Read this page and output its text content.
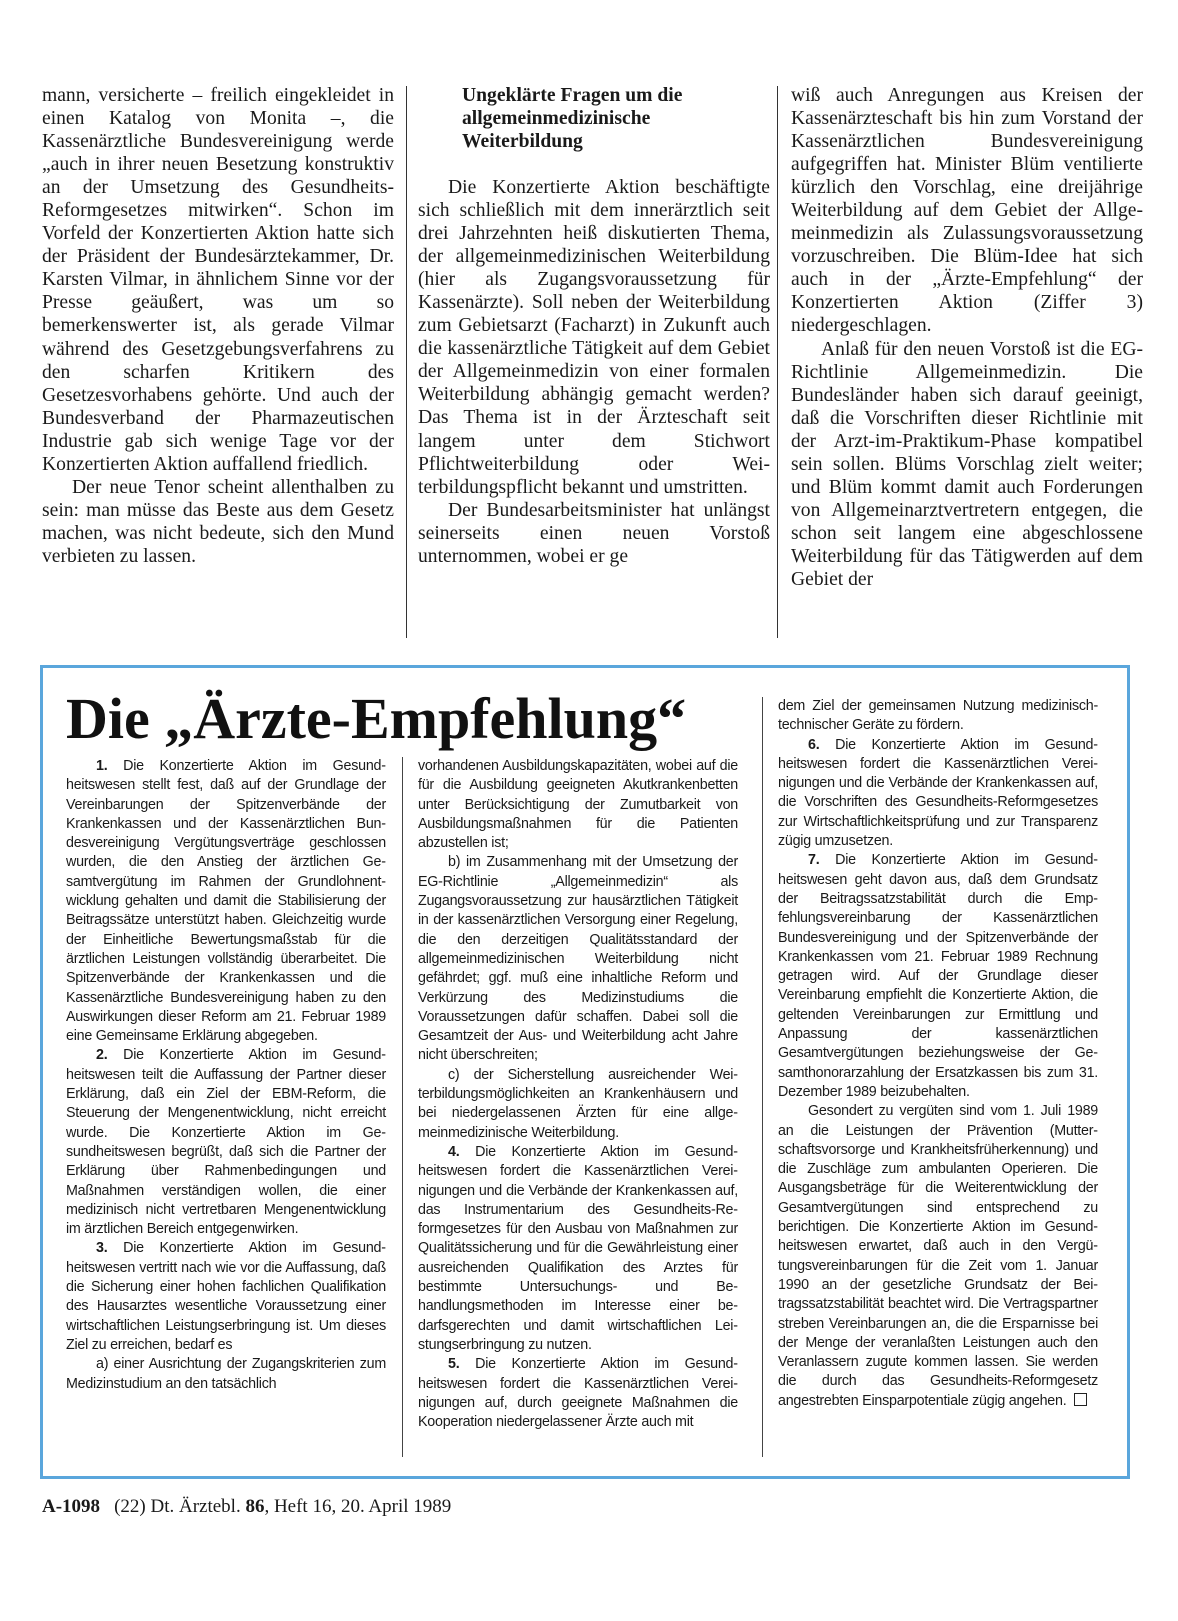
mann, versicherte – freilich eingekleidet in einen Katalog von Monita –, die Kassenärztliche Bundesvereinigung werde „auch in ihrer neuen Besetzung konstruktiv an der Umsetzung des Gesundheits-Reformgesetzes mitwirken“. Schon im Vorfeld der Konzertierten Aktion hatte sich der Präsident der Bundesärztekammer, Dr. Karsten Vilmar, in ähnlichem Sinne vor der Presse geäußert, was um so bemerkenswerter ist, als gerade Vilmar während des Gesetzgebungsverfahrens zu den scharfen Kritikern des Gesetzesvorhabens gehörte. Und auch der Bundesverband der Pharmazeutischen Industrie gab sich wenige Tage vor der Konzertierten Aktion auffallend friedlich.

Der neue Tenor scheint allenthalben zu sein: man müsse das Beste aus dem Gesetz machen, was nicht bedeute, sich den Mund verbieten zu lassen.

Ungeklärte Fragen um die allgemeinmedizinische Weiterbildung

Die Konzertierte Aktion beschäftigte sich schließlich mit dem innerärztlich seit drei Jahrzehnten heiß diskutierten Thema, der allgemeinmedizinischen Weiterbildung (hier als Zugangsvoraussetzung für Kassenärzte). Soll neben der Weiterbildung zum Gebietsarzt (Facharzt) in Zukunft auch die kassenärztliche Tätigkeit auf dem Gebiet der Allgemeinmedizin von einer formalen Weiterbildung abhängig gemacht werden? Das Thema ist in der Ärzteschaft seit langem unter dem Stichwort Pflichtweiterbildung oder Weiterbildungspflicht bekannt und umstritten.

Der Bundesarbeitsminister hat unlängst seinerseits einen neuen Vorstoß unternommen, wobei er ge

wiß auch Anregungen aus Kreisen der Kassenärzteschaft bis hin zum Vorstand der Kassenärztlichen Bundesvereinigung aufgegriffen hat. Minister Blüm ventilierte kürzlich den Vorschlag, eine dreijährige Weiterbildung auf dem Gebiet der Allgemeinmedizin als Zulassungsvoraussetzung vorzuschreiben. Die Blüm-Idee hat sich auch in der „Ärzte-Empfehlung“ der Konzertierten Aktion (Ziffer 3) niedergeschlagen.

Anlaß für den neuen Vorstoß ist die EG-Richtlinie Allgemeinmedizin. Die Bundesländer haben sich darauf geeinigt, daß die Vorschriften dieser Richtlinie mit der Arzt-im-Praktikum-Phase kompatibel sein sollen. Blüms Vorschlag zielt weiter; und Blüm kommt damit auch Forderungen von Allgemeinarztvertretern entgegen, die schon seit langem eine abgeschlossene Weiterbildung für das Tätigwerden auf dem Gebiet der

Die „Ärzte-Empfehlung“

1. Die Konzertierte Aktion im Gesundheitswesen stellt fest, daß auf der Grundlage der Vereinbarungen der Spitzenverbände der Krankenkassen und der Kassenärztlichen Bundesvereinigung Vergütungsverträge geschlossen wurden, die den Anstieg der ärztlichen Gesamtvergütung im Rahmen der Grundlohnentwicklung gehalten und damit die Stabilisierung der Beitragssätze unterstützt haben. Gleichzeitig wurde der Einheitliche Bewertungsmaßstab für die ärztlichen Leistungen vollständig überarbeitet. Die Spitzenverbände der Krankenkassen und die Kassenärztliche Bundesvereinigung haben zu den Auswirkungen dieser Reform am 21. Februar 1989 eine Gemeinsame Erklärung abgegeben.

2. Die Konzertierte Aktion im Gesundheitswesen teilt die Auffassung der Partner dieser Erklärung, daß ein Ziel der EBM-Reform, die Steuerung der Mengenentwicklung, nicht erreicht wurde. Die Konzertierte Aktion im Gesundheitswesen begrüßt, daß sich die Partner der Erklärung über Rahmenbedingungen und Maßnahmen verständigen wollen, die einer medizinisch nicht vertretbaren Mengenentwicklung im ärztlichen Bereich entgegenwirken.

3. Die Konzertierte Aktion im Gesundheitswesen vertritt nach wie vor die Auffassung, daß die Sicherung einer hohen fachlichen Qualifikation des Hausarztes wesentliche Voraussetzung einer wirtschaftlichen Leistungserbringung ist. Um dieses Ziel zu erreichen, bedarf es

a) einer Ausrichtung der Zugangskriterien zum Medizinstudium an den tatsächlich

vorhandenen Ausbildungskapazitäten, wobei auf die für die Ausbildung geeigneten Akutkrankenbetten unter Berücksichtigung der Zumutbarkeit von Ausbildungsmaßnahmen für die Patienten abzustellen ist;

b) im Zusammenhang mit der Umsetzung der EG-Richtlinie „Allgemeinmedizin“ als Zugangsvoraussetzung zur hausärztlichen Tätigkeit in der kassenärztlichen Versorgung einer Regelung, die den derzeitigen Qualitätsstandard der allgemeinmedizinischen Weiterbildung nicht gefährdet; ggf. muß eine inhaltliche Reform und Verkürzung des Medizinstudiums die Voraussetzungen dafür schaffen. Dabei soll die Gesamtzeit der Aus- und Weiterbildung acht Jahre nicht überschreiten;

c) der Sicherstellung ausreichender Weiterbildungsmöglichkeiten an Krankenhäusern und bei niedergelassenen Ärzten für eine allgemeinmedizinische Weiterbildung.

4. Die Konzertierte Aktion im Gesundheitswesen fordert die Kassenärztlichen Vereinigungen und die Verbände der Krankenkassen auf, das Instrumentarium des Gesundheits-Reformgesetzes für den Ausbau von Maßnahmen zur Qualitätssicherung und für die Gewährleistung einer ausreichenden Qualifikation des Arztes für bestimmte Untersuchungs- und Behandlungsmethoden im Interesse einer bedarfsgerechten und damit wirtschaftlichen Leistungserbringung zu nutzen.

5. Die Konzertierte Aktion im Gesundheitswesen fordert die Kassenärztlichen Vereinigungen auf, durch geeignete Maßnahmen die Kooperation niedergelassener Ärzte auch mit

dem Ziel der gemeinsamen Nutzung medizinisch-technischer Geräte zu fördern.

6. Die Konzertierte Aktion im Gesundheitswesen fordert die Kassenärztlichen Vereinigungen und die Verbände der Krankenkassen auf, die Vorschriften des Gesundheits-Reformgesetzes zur Wirtschaftlichkeitsprüfung und zur Transparenz zügig umzusetzen.

7. Die Konzertierte Aktion im Gesundheitswesen geht davon aus, daß dem Grundsatz der Beitragssatzstabilität durch die Empfehlungsvereinbarung der Kassenärztlichen Bundesvereinigung und der Spitzenverbände der Krankenkassen vom 21. Februar 1989 Rechnung getragen wird. Auf der Grundlage dieser Vereinbarung empfiehlt die Konzertierte Aktion, die geltenden Vereinbarungen zur Ermittlung und Anpassung der kassenärztlichen Gesamtvergütungen beziehungsweise der Gesamthonorarzahlung der Ersatzkassen bis zum 31. Dezember 1989 beizubehalten.

Gesondert zu vergüten sind vom 1. Juli 1989 an die Leistungen der Prävention (Mutterschaftsvorsorge und Krankheitsfrüherkennung) und die Zuschläge zum ambulanten Operieren. Die Ausgangsbeträge für die Weiterentwicklung der Gesamtvergütungen sind entsprechend zu berichtigen. Die Konzertierte Aktion im Gesundheitswesen erwartet, daß auch in den Vergütungsvereinbarungen für die Zeit vom 1. Januar 1990 an der gesetzliche Grundsatz der Beitragssatzstabilität beachtet wird. Die Vertragspartner streben Vereinbarungen an, die die Ersparnisse bei der Menge der veranlaßten Leistungen auch den Veranlassern zugute kommen lassen. Sie werden die durch das Gesundheits-Reformgesetz angestrebten Einsparpotentiale zügig angehen.

A-1098 (22) Dt. Ärztebl. 86, Heft 16, 20. April 1989
